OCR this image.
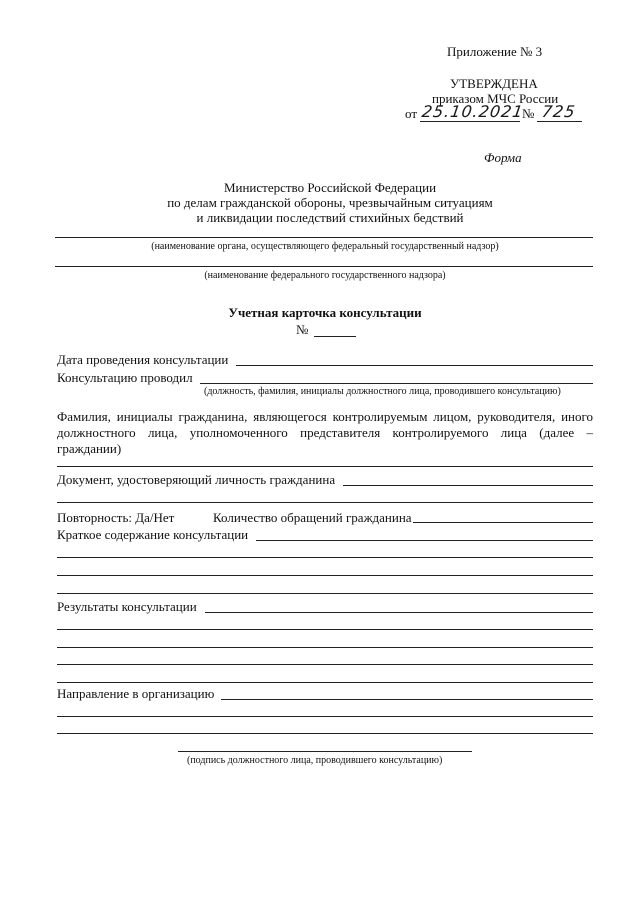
Приложение № 3
УТВЕРЖДЕНА
приказом МЧС России
от 25.10.2021
№ 725
Форма
Министерство Российской Федерации
по делам гражданской обороны, чрезвычайным ситуациям
и ликвидации последствий стихийных бедствий
(наименование органа, осуществляющего федеральный государственный надзор)
(наименование федерального государственного надзора)
Учетная карточка консультации
№
Дата проведения консультации
Консультацию проводил
(должность, фамилия, инициалы должностного лица, проводившего консультацию)
Фамилия, инициалы гражданина, являющегося контролируемым лицом, руководителя, иного должностного лица, уполномоченного представителя контролируемого лица (далее – граждании)
Документ, удостоверяющий личность гражданина
Повторность: Да/Нет	Количество обращений гражданина
Краткое содержание консультации
Результаты консультации
Направление в организацию
(подпись должностного лица, проводившего консультацию)
